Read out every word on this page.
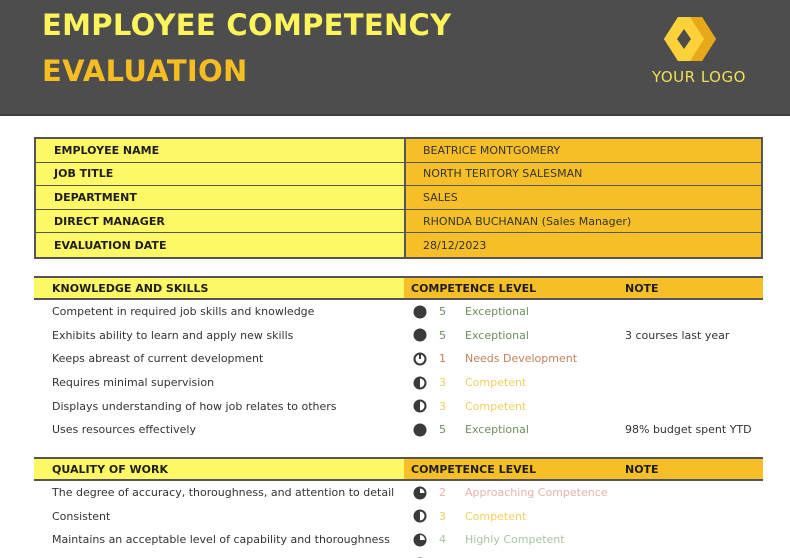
EMPLOYEE COMPETENCY
EVALUATION	YOUR LOGO
EMPLOYEE NAME	BEATRICE MONTGOMERY
JOB TITLE	NORTH TERITORY SALESMAN
DEPARTMENT	SALES
DIRECT MANAGER	RHONDA BUCHANAN (Sales Manager)
EVALUATION DATE	28/12/2023
KNOWLEDGE AND SKILLS	COMPETENCE LEVEL	NOTE
Competent in required job skills and knowledge	5	Exceptional
Exhibits ability to learn and apply new skills	5	Exceptional	3 courses last year
Keeps abreast of current development	1	Needs Development
Requires minimal supervision	3	Competent
Displays understanding of how job relates to others	3	Competent
Uses resources effectively	5	Exceptional	98% budget spent YTD
QUALITY OF WORK	COMPETENCE LEVEL	NOTE
The degree of accuracy, thoroughness, and attention to detail	2	Approaching Competence
Consistent	3	Competent
Maintains an acceptable level of capability and thoroughness	4	Highly Competent
